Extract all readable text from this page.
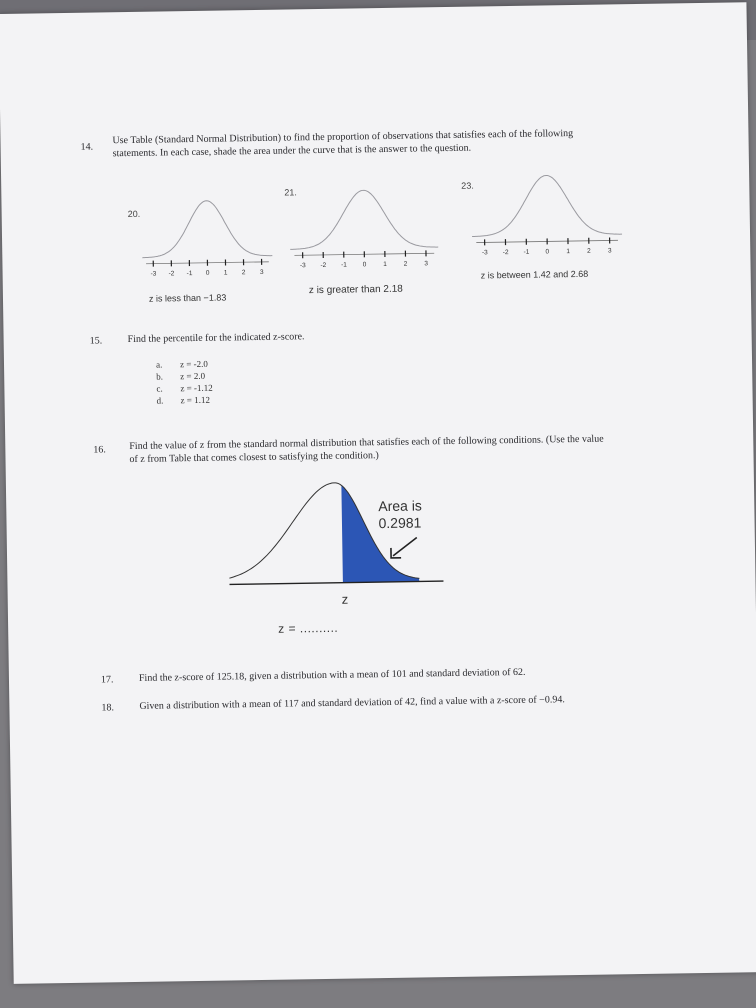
14.
Use Table (Standard Normal Distribution) to find the proportion of observations that satisfies each of the following
statements. In each case, shade the area under the curve that is the answer to the question.
20.
-3 -2 -1 0 1 2 3
z is less than −1.83
21.
-3 -2 -1 0	1	2	3
z is greater than 2.18
23.
-3 -2 -1 0	1	2	3
z is between 1.42 and 2.68
15.	Find the percentile for the indicated z-score.
a. z = -2.0
b. z = 2.0
c. z = -1.12
d. z = 1.12
16. Find the value of z from the standard normal distribution that satisfies each of the following conditions. (Use the value
of z from Table that comes closest to satisfying the condition.)
Area is
0.2981
z
z = ..........
17.	Find the z-score of 125.18, given a distribution with a mean of 101 and standard deviation of 62.
18.	Given a distribution with a mean of 117 and standard deviation of 42, find a value with a z-score of −0.94.
